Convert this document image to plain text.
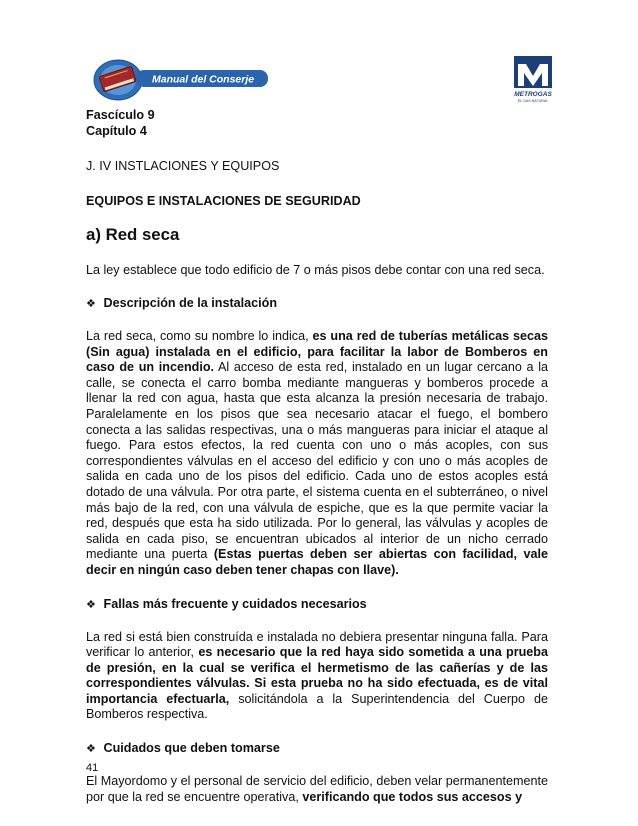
Manual del Conserje
METROGAS
EL GAS NATURAL
Fascículo 9
Capítulo 4
J. IV INSTLACIONES Y EQUIPOS
EQUIPOS E INSTALACIONES DE SEGURIDAD
a) Red seca

La ley establece que todo edificio de 7 o más pisos debe contar con una red seca.

❖ Descripción de la instalación

La red seca, como su nombre lo indica, es una red de tuberías metálicas secas (Sin agua) instalada en el edificio, para facilitar la labor de Bomberos en caso de un incendio. Al acceso de esta red, instalado en un lugar cercano a la calle, se conecta el carro bomba mediante mangueras y bomberos procede a llenar la red con agua, hasta que esta alcanza la presión necesaria de trabajo. Paralelamente en los pisos que sea necesario atacar el fuego, el bombero conecta a las salidas respectivas, una o más mangueras para iniciar el ataque al fuego. Para estos efectos, la red cuenta con uno o más acoples, con sus correspondientes válvulas en el acceso del edificio y con uno o más acoples de salida en cada uno de los pisos del edificio. Cada uno de estos acoples está dotado de una válvula. Por otra parte, el sistema cuenta en el subterráneo, o nivel más bajo de la red, con una válvula de espiche, que es la que permite vaciar la red, después que esta ha sido utilizada. Por lo general, las válvulas y acoples de salida en cada piso, se encuentran ubicados al interior de un nicho cerrado mediante una puerta (Estas puertas deben ser abiertas con facilidad, vale decir en ningún caso deben tener chapas con llave).

❖ Fallas más frecuente y cuidados necesarios

La red si está bien construída e instalada no debiera presentar ninguna falla. Para verificar lo anterior, es necesario que la red haya sido sometida a una prueba de presión, en la cual se verifica el hermetismo de las cañerías y de las correspondientes válvulas. Si esta prueba no ha sido efectuada, es de vital importancia efectuarla, solicitándola a la Superintendencia del Cuerpo de Bomberos respectiva.

❖ Cuidados que deben tomarse

El Mayordomo y el personal de servicio del edificio, deben velar permanentemente por que la red se encuentre operativa, verificando que todos sus accesos y

41
